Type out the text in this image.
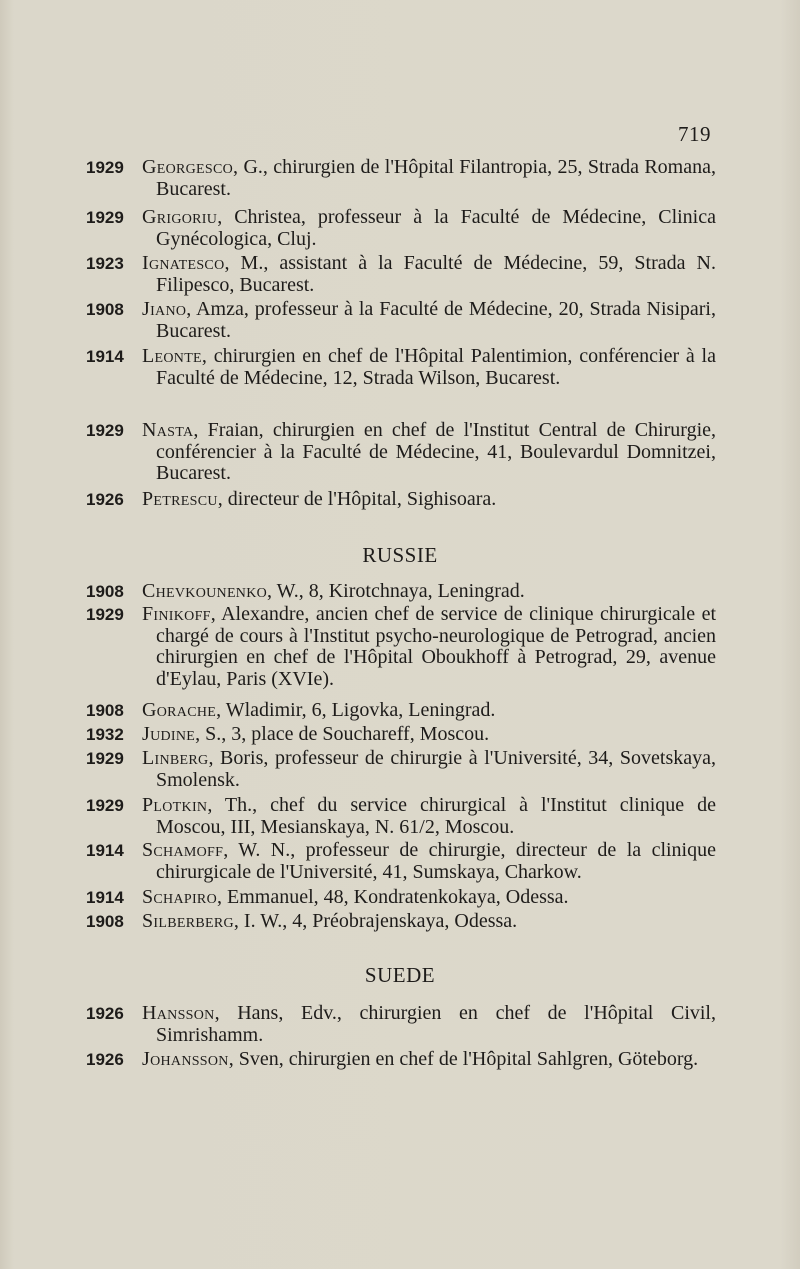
719
1929 Georgesco, G., chirurgien de l'Hôpital Filantropia, 25, Strada Romana, Bucarest.
1929 Grigoriu, Christea, professeur à la Faculté de Médecine, Clinica Gynécologica, Cluj.
1923 Ignatesco, M., assistant à la Faculté de Médecine, 59, Strada N. Filipesco, Bucarest.
1908 Jiano, Amza, professeur à la Faculté de Médecine, 20, Strada Nisipari, Bucarest.
1914 Leonte, chirurgien en chef de l'Hôpital Palentimion, conférencier à la Faculté de Médecine, 12, Strada Wilson, Bucarest.
1929 Nasta, Fraian, chirurgien en chef de l'Institut Central de Chirurgie, conférencier à la Faculté de Médecine, 41, Boulevardul Domnitzei, Bucarest.
1926 Petrescu, directeur de l'Hôpital, Sighisoara.
RUSSIE
1908 Chevkounenko, W., 8, Kirotchnaya, Leningrad.
1929 Finikoff, Alexandre, ancien chef de service de clinique chirurgicale et chargé de cours à l'Institut psycho-neurologique de Petrograd, ancien chirurgien en chef de l'Hôpital Oboukhoff à Petrograd, 29, avenue d'Eylau, Paris (XVIe).
1908 Gorache, Wladimir, 6, Ligovka, Leningrad.
1932 Judine, S., 3, place de Souchareff, Moscou.
1929 Linberg, Boris, professeur de chirurgie à l'Université, 34, Sovetskaya, Smolensk.
1929 Plotkin, Th., chef du service chirurgical à l'Institut clinique de Moscou, III, Mesianskaya, N. 61/2, Moscou.
1914 Schamoff, W. N., professeur de chirurgie, directeur de la clinique chirurgicale de l'Université, 41, Sumskaya, Charkow.
1914 Schapiro, Emmanuel, 48, Kondratenkokaya, Odessa.
1908 Silberberg, I. W., 4, Préobrajenskaya, Odessa.
SUEDE
1926 Hansson, Hans, Edv., chirurgien en chef de l'Hôpital Civil, Simrishamm.
1926 Johansson, Sven, chirurgien en chef de l'Hôpital Sahlgren, Göteborg.
